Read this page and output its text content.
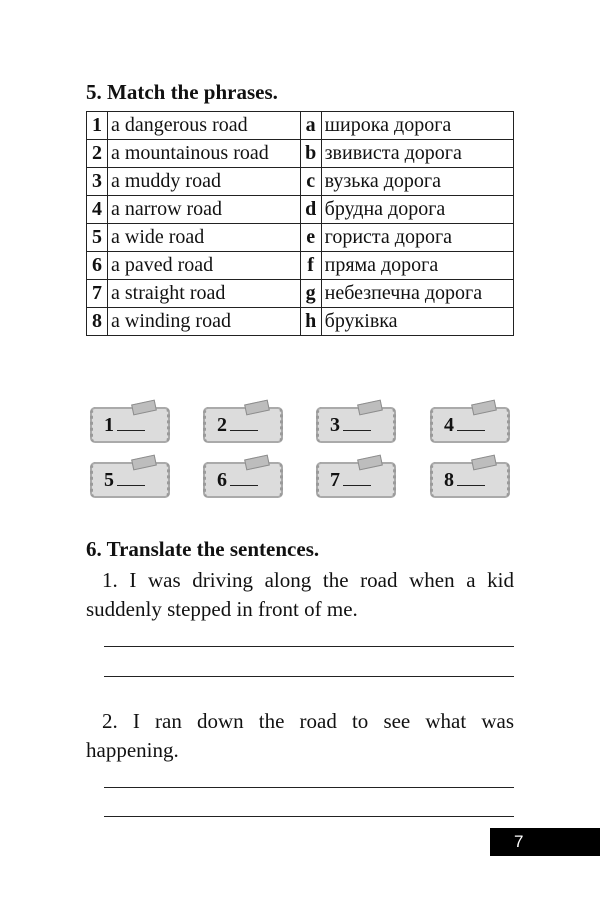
5. Match the phrases.
1	a dangerous road	a	широка дорога
2	a mountainous road	b	звивиста дорога
3	a muddy road	c	вузька дорога
4	a narrow road	d	брудна дорога
5	a wide road	e	гориста дорога
6	a paved road	f	пряма дорога
7	a straight road	g	небезпечна дорога
8	a winding road	h	бруківка
1	2	3	4
5	6	7	8
6. Translate the sentences.

1. I was driving along the road when a kid suddenly stepped in front of me.

2. I ran down the road to see what was happening.

7
